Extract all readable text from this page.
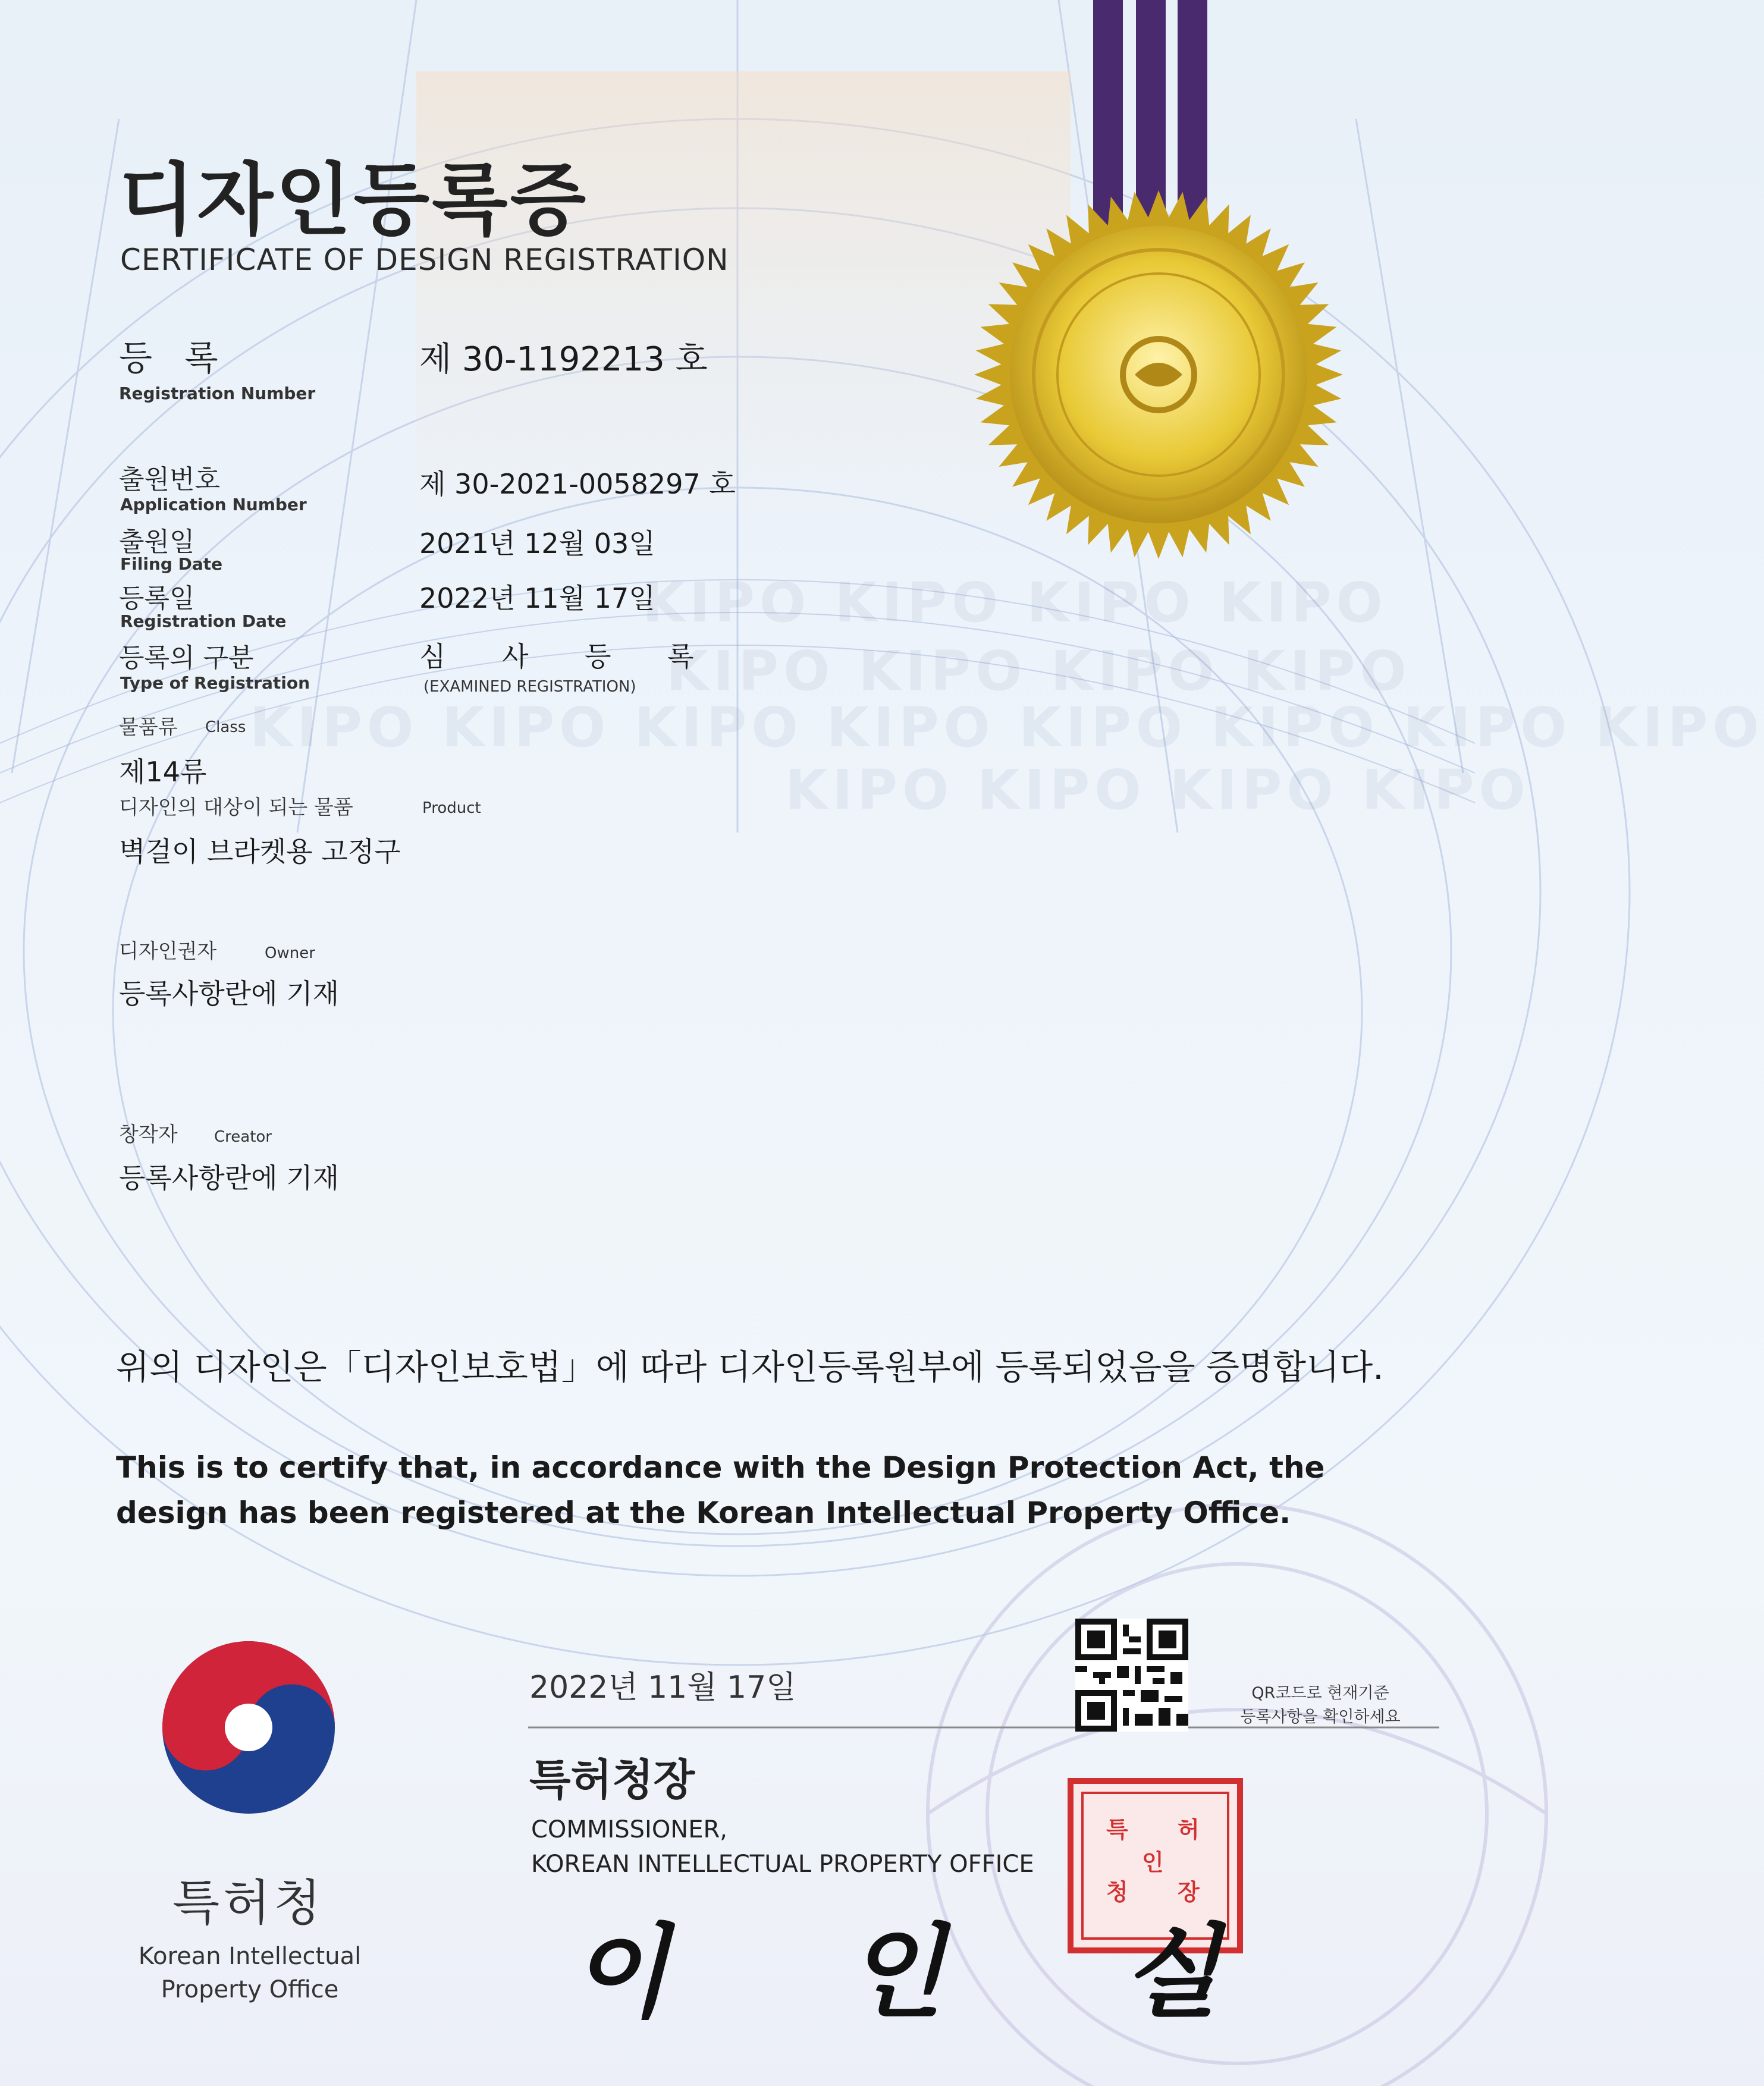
KIPO KIPO KIPO KIPO
KIPO KIPO KIPO KIPO
KIPO KIPO KIPO KIPO KIPO KIPO KIPO KIPO
KIPO KIPO KIPO KIPO
디자인등록증
CERTIFICATE OF DESIGN REGISTRATION
등 록
Registration Number
제 30-1192213 호
출원번호
Application Number
제 30-2021-0058297 호
출원일
Filing Date
2021년 12월 03일
등록일
Registration Date
2022년 11월 17일
등록의 구분
Type of Registration
심 사 등 록
(EXAMINED REGISTRATION)
물품류 Class
제14류
디자인의 대상이 되는 물품	Product
벽걸이 브라켓용 고정구
디자인권자	Owner
등록사항란에 기재
창작자 Creator
등록사항란에 기재
위의 디자인은「디자인보호법」에 따라 디자인등록원부에 등록되었음을 증명합니다.
This is to certify that, in accordance with the Design Protection Act, the design has been registered at the Korean Intellectual Property Office.
2022년 11월 17일	QR코드로 현재기준
등록사항을 확인하세요
특허청장
COMMISSIONER,
KOREAN INTELLECTUAL PROPERTY OFFICE
이 인 실
특 허
청 장
인
특허청
Korean Intellectual
Property Office
